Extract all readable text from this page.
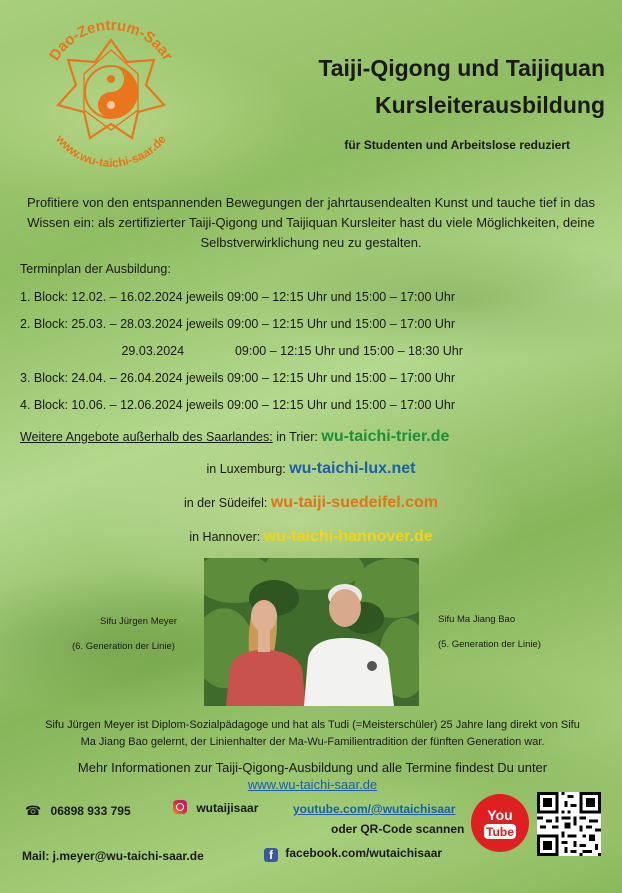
Dao-Zentrum-Saar
www.wu-taichi-saar.de
Taiji-Qigong und Taijiquan
Kursleiterausbildung
für Studenten und Arbeitslose reduziert
Profitiere von den entspannenden Bewegungen der jahrtausendealten Kunst und tauche tief in das Wissen ein: als zertifizierter Taiji-Qigong und Taijiquan Kursleiter hast du viele Möglichkeiten, deine Selbstverwirklichung neu zu gestalten.
Terminplan der Ausbildung:
1. Block: 12.02. – 16.02.2024 jeweils 09:00 – 12:15 Uhr und 15:00 – 17:00 Uhr
2. Block: 25.03. – 28.03.2024 jeweils 09:00 – 12:15 Uhr und 15:00 – 17:00 Uhr
29.03.2024	09:00 – 12:15 Uhr und 15:00 – 18:30 Uhr
3. Block: 24.04. – 26.04.2024 jeweils 09:00 – 12:15 Uhr und 15:00 – 17:00 Uhr
4. Block: 10.06. – 12.06.2024 jeweils 09:00 – 12:15 Uhr und 15:00 – 17:00 Uhr
Weitere Angebote außerhalb des Saarlandes: in Trier: wu-taichi-trier.de
in Luxemburg: wu-taichi-lux.net
in der Südeifel: wu-taiji-suedeifel.com
in Hannover: wu-taichi-hannover.de
Sifu Jürgen Meyer
(6. Generation der Linie)
Sifu Ma Jiang Bao
(5. Generation der Linie)
Sifu Jürgen Meyer ist Diplom-Sozialpädagoge und hat als Tudi (=Meisterschüler) 25 Jahre lang direkt von Sifu Ma Jiang Bao gelernt, der Linienhalter der Ma-Wu-Familientradition der fünften Generation war.
Mehr Informationen zur Taiji-Qigong-Ausbildung und alle Termine findest Du unter
www.wu-taichi-saar.de
☎ 06898 933 795	wutaijisaar	youtube.com/@wutaichisaar
oder QR-Code scannen
Mail: j.meyer@wu-taichi-saar.de	f facebook.com/wutaichisaar
You
Tube
